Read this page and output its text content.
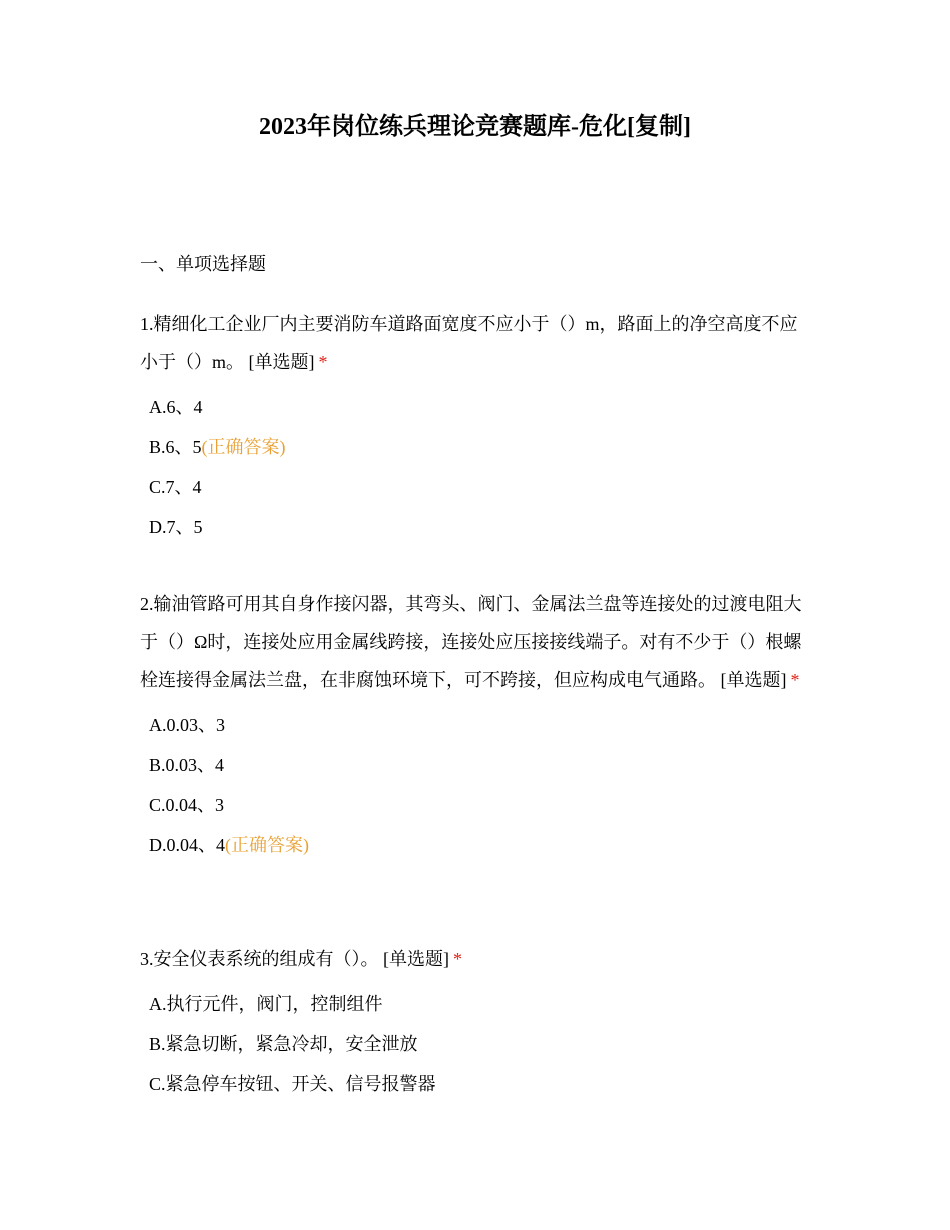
2023年岗位练兵理论竞赛题库-危化[复制]
一、单项选择题

1.精细化工企业厂内主要消防车道路面宽度不应小于（）m，路面上的净空高度不应小于（）m。 [单选题] *

A.6、4
B.6、5(正确答案)
C.7、4
D.7、5

2.输油管路可用其自身作接闪器，其弯头、阀门、金属法兰盘等连接处的过渡电阻大于（）Ω时，连接处应用金属线跨接，连接处应压接接线端子。对有不少于（）根螺栓连接得金属法兰盘，在非腐蚀环境下，可不跨接，但应构成电气通路。 [单选题] *

A.0.03、3
B.0.03、4
C.0.04、3
D.0.04、4(正确答案)

3.安全仪表系统的组成有（）。 [单选题] *

A.执行元件，阀门，控制组件
B.紧急切断，紧急冷却，安全泄放
C.紧急停车按钮、开关、信号报警器
